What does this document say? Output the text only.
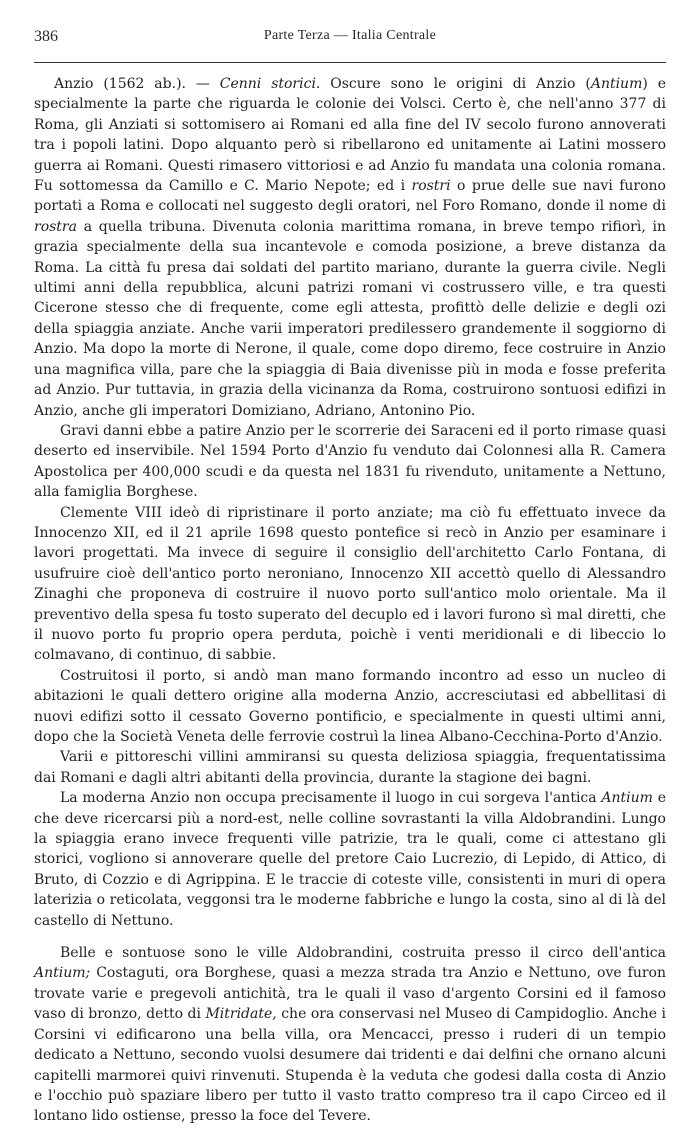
386	Parte Terza — Italia Centrale

Anzio (1562 ab.). — Cenni storici. Oscure sono le origini di Anzio (Antium) e specialmente la parte che riguarda le colonie dei Volsci. Certo è, che nell'anno 377 di Roma, gli Anziati si sottomisero ai Romani ed alla fine del IV secolo furono annoverati tra i popoli latini. Dopo alquanto però si ribellarono ed unitamente ai Latini mossero guerra ai Romani. Questi rimasero vittoriosi e ad Anzio fu mandata una colonia romana. Fu sottomessa da Camillo e C. Mario Nepote; ed i rostri o prue delle sue navi furono portati a Roma e collocati nel suggesto degli oratori, nel Foro Romano, donde il nome di rostra a quella tribuna. Divenuta colonia marittima romana, in breve tempo rifiorì, in grazia specialmente della sua incantevole e comoda posizione, a breve distanza da Roma. La città fu presa dai soldati del partito mariano, durante la guerra civile. Negli ultimi anni della repubblica, alcuni patrizi romani vi costrussero ville, e tra questi Cicerone stesso che di frequente, come egli attesta, profittò delle delizie e degli ozi della spiaggia anziate. Anche varii imperatori predilessero grandemente il soggiorno di Anzio. Ma dopo la morte di Nerone, il quale, come dopo diremo, fece costruire in Anzio una magnifica villa, pare che la spiaggia di Baia divenisse più in moda e fosse preferita ad Anzio. Pur tuttavia, in grazia della vicinanza da Roma, costruirono sontuosi edifizi in Anzio, anche gli imperatori Domiziano, Adriano, Antonino Pio.

Gravi danni ebbe a patire Anzio per le scorrerie dei Saraceni ed il porto rimase quasi deserto ed inservibile. Nel 1594 Porto d'Anzio fu venduto dai Colonnesi alla R. Camera Apostolica per 400,000 scudi e da questa nel 1831 fu rivenduto, unitamente a Nettuno, alla famiglia Borghese.

Clemente VIII ideò di ripristinare il porto anziate; ma ciò fu effettuato invece da Innocenzo XII, ed il 21 aprile 1698 questo pontefice si recò in Anzio per esaminare i lavori progettati. Ma invece di seguire il consiglio dell'architetto Carlo Fontana, di usufruire cioè dell'antico porto neroniano, Innocenzo XII accettò quello di Alessandro Zinaghi che proponeva di costruire il nuovo porto sull'antico molo orientale. Ma il preventivo della spesa fu tosto superato del decuplo ed i lavori furono sì mal diretti, che il nuovo porto fu proprio opera perduta, poichè i venti meridionali e di libeccio lo colmavano, di continuo, di sabbie.

Costruitosi il porto, si andò man mano formando incontro ad esso un nucleo di abitazioni le quali dettero origine alla moderna Anzio, accresciutasi ed abbellitasi di nuovi edifizi sotto il cessato Governo pontificio, e specialmente in questi ultimi anni, dopo che la Società Veneta delle ferrovie costruì la linea Albano-Cecchina-Porto d'Anzio.

Varii e pittoreschi villini ammiransi su questa deliziosa spiaggia, frequentatissima dai Romani e dagli altri abitanti della provincia, durante la stagione dei bagni.

La moderna Anzio non occupa precisamente il luogo in cui sorgeva l'antica Antium e che deve ricercarsi più a nord-est, nelle colline sovrastanti la villa Aldobrandini. Lungo la spiaggia erano invece frequenti ville patrizie, tra le quali, come ci attestano gli storici, vogliono si annoverare quelle del pretore Caio Lucrezio, di Lepido, di Attico, di Bruto, di Cozzio e di Agrippina. E le traccie di coteste ville, consistenti in muri di opera laterizia o reticolata, veggonsi tra le moderne fabbriche e lungo la costa, sino al di là del castello di Nettuno.

Belle e sontuose sono le ville Aldobrandini, costruita presso il circo dell'antica Antium; Costaguti, ora Borghese, quasi a mezza strada tra Anzio e Nettuno, ove furon trovate varie e pregevoli antichità, tra le quali il vaso d'argento Corsini ed il famoso vaso di bronzo, detto di Mitridate, che ora conservasi nel Museo di Campidoglio. Anche i Corsini vi edificarono una bella villa, ora Mencacci, presso i ruderi di un tempio dedicato a Nettuno, secondo vuolsi desumere dai tridenti e dai delfini che ornano alcuni capitelli marmorei quivi rinvenuti. Stupenda è la veduta che godesi dalla costa di Anzio e l'occhio può spaziare libero per tutto il vasto tratto compreso tra il capo Circeo ed il lontano lido ostiense, presso la foce del Tevere.
